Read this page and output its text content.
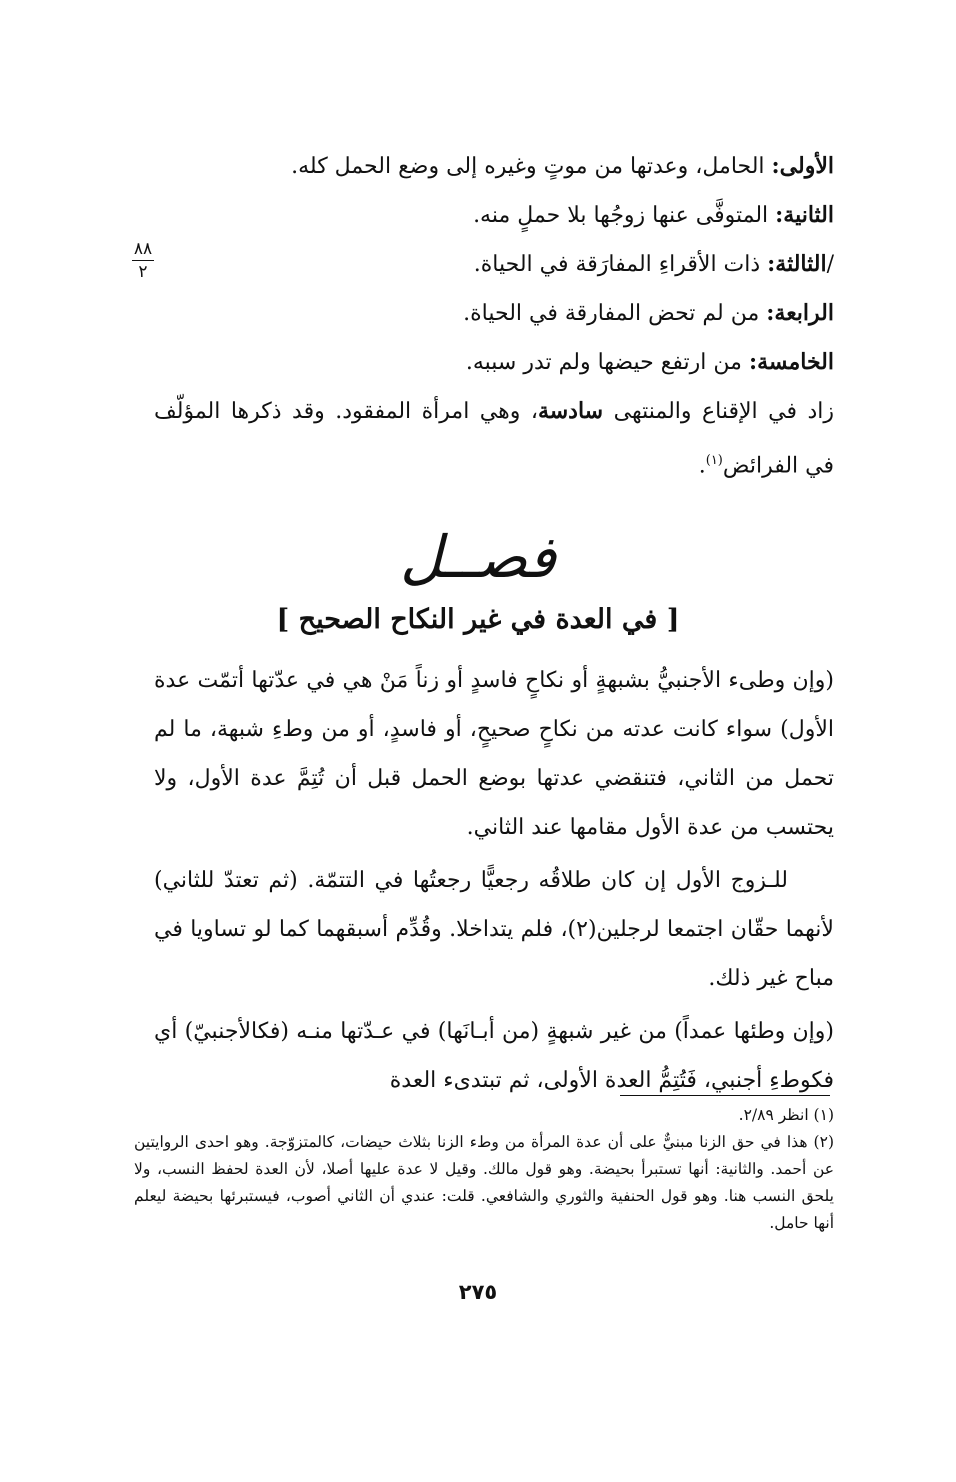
٨٨
٢
الأولى: الحامل، وعدتها من موتٍ وغيره إلى وضع الحمل كله.
الثانية: المتوفَّى عنها زوجُها بلا حملٍ منه.
/الثالثة: ذات الأقراءِ المفارَقة في الحياة.
الرابعة: من لم تحض المفارقة في الحياة.
الخامسة: من ارتفع حيضها ولم تدر سببه.
زاد في الإقناع والمنتهى سادسة، وهي امرأة المفقود. وقد ذكرها المؤلّف في الفرائض$^{(١)}$.
فصــل
[ في العدة في غير النكاح الصحيح ]
(وإن وطىء الأجنبيُّ بشبهةٍ أو نكاحٍ فاسدٍ أو زناً مَنْ هي في عدّتها أتمّت عدة الأول) سواء كانت عدته من نكاحٍ صحيحٍ، أو فاسدٍ، أو من وطءِ شبهة، ما لم تحمل من الثاني، فتنقضي عدتها بوضع الحمل قبل أن تُتِمَّ عدة الأول، ولا يحتسب من عدة الأول مقامها عند الثاني.
للـزوج الأول إن كان طلاقُه رجعيًّا رجعتُها في التتمّة. (ثم تعتدّ للثاني) لأنهما حقّان اجتمعا لرجلين(٢)، فلم يتداخلا. وقُدِّم أسبقهما كما لو تساويا في مباح غير ذلك.
(وإن وطئها عمداً) من غير شبهةٍ (من أبـانَها) في عـدّتها منـه (فكالأجنبيّ) أي فكوطءِ أجنبي، فَتُتِمُّ العدة الأولى، ثم تبتدىء العدة
(١) انظر ٢/٨٩.
(٢) هذا في حق الزنا مبنيٌّ على أن عدة المرأة من وطء الزنا بثلاث حيضات، كالمتزوّجة. وهو احدى الروايتين عن أحمد. والثانية: أنها تستبرأ بحيضة. وهو قول مالك. وقيل لا عدة عليها أصلا، لأن العدة لحفظ النسب، ولا يلحق النسب هنا. وهو قول الحنفية والثوري والشافعي. قلت: عندي أن الثاني أصوب، فيستبرئها بحيضة ليعلم أنها حامل.
٢٧٥
